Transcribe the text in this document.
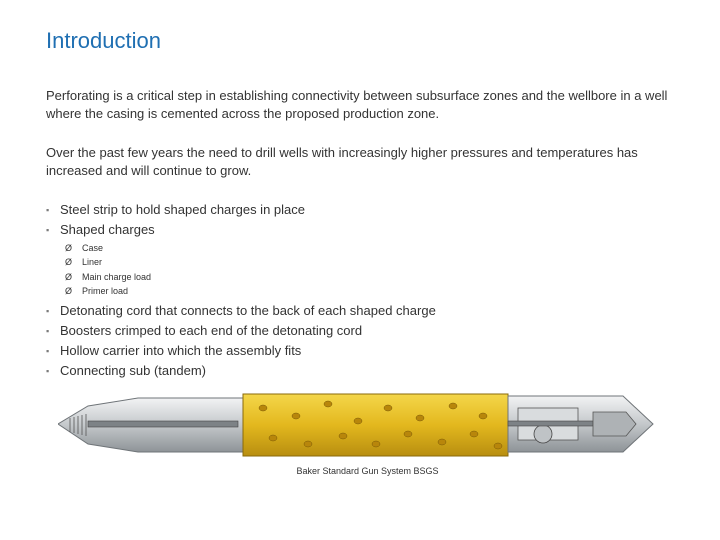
Introduction
Perforating is a critical step in establishing connectivity between subsurface zones and the wellbore in a well where the casing is cemented across the proposed production zone.
Over the past few years the need to drill wells with increasingly higher pressures and temperatures has increased and will continue to grow.
▪ Steel strip to hold shaped charges in place
▪ Shaped charges
Ø Case
Ø Liner
Ø Main charge load
Ø Primer load
▪ Detonating cord that connects to the back of each shaped charge
▪ Boosters crimped to each end of the detonating cord
▪ Hollow carrier into which the assembly fits
▪ Connecting sub (tandem)
Baker Standard Gun System BSGS
